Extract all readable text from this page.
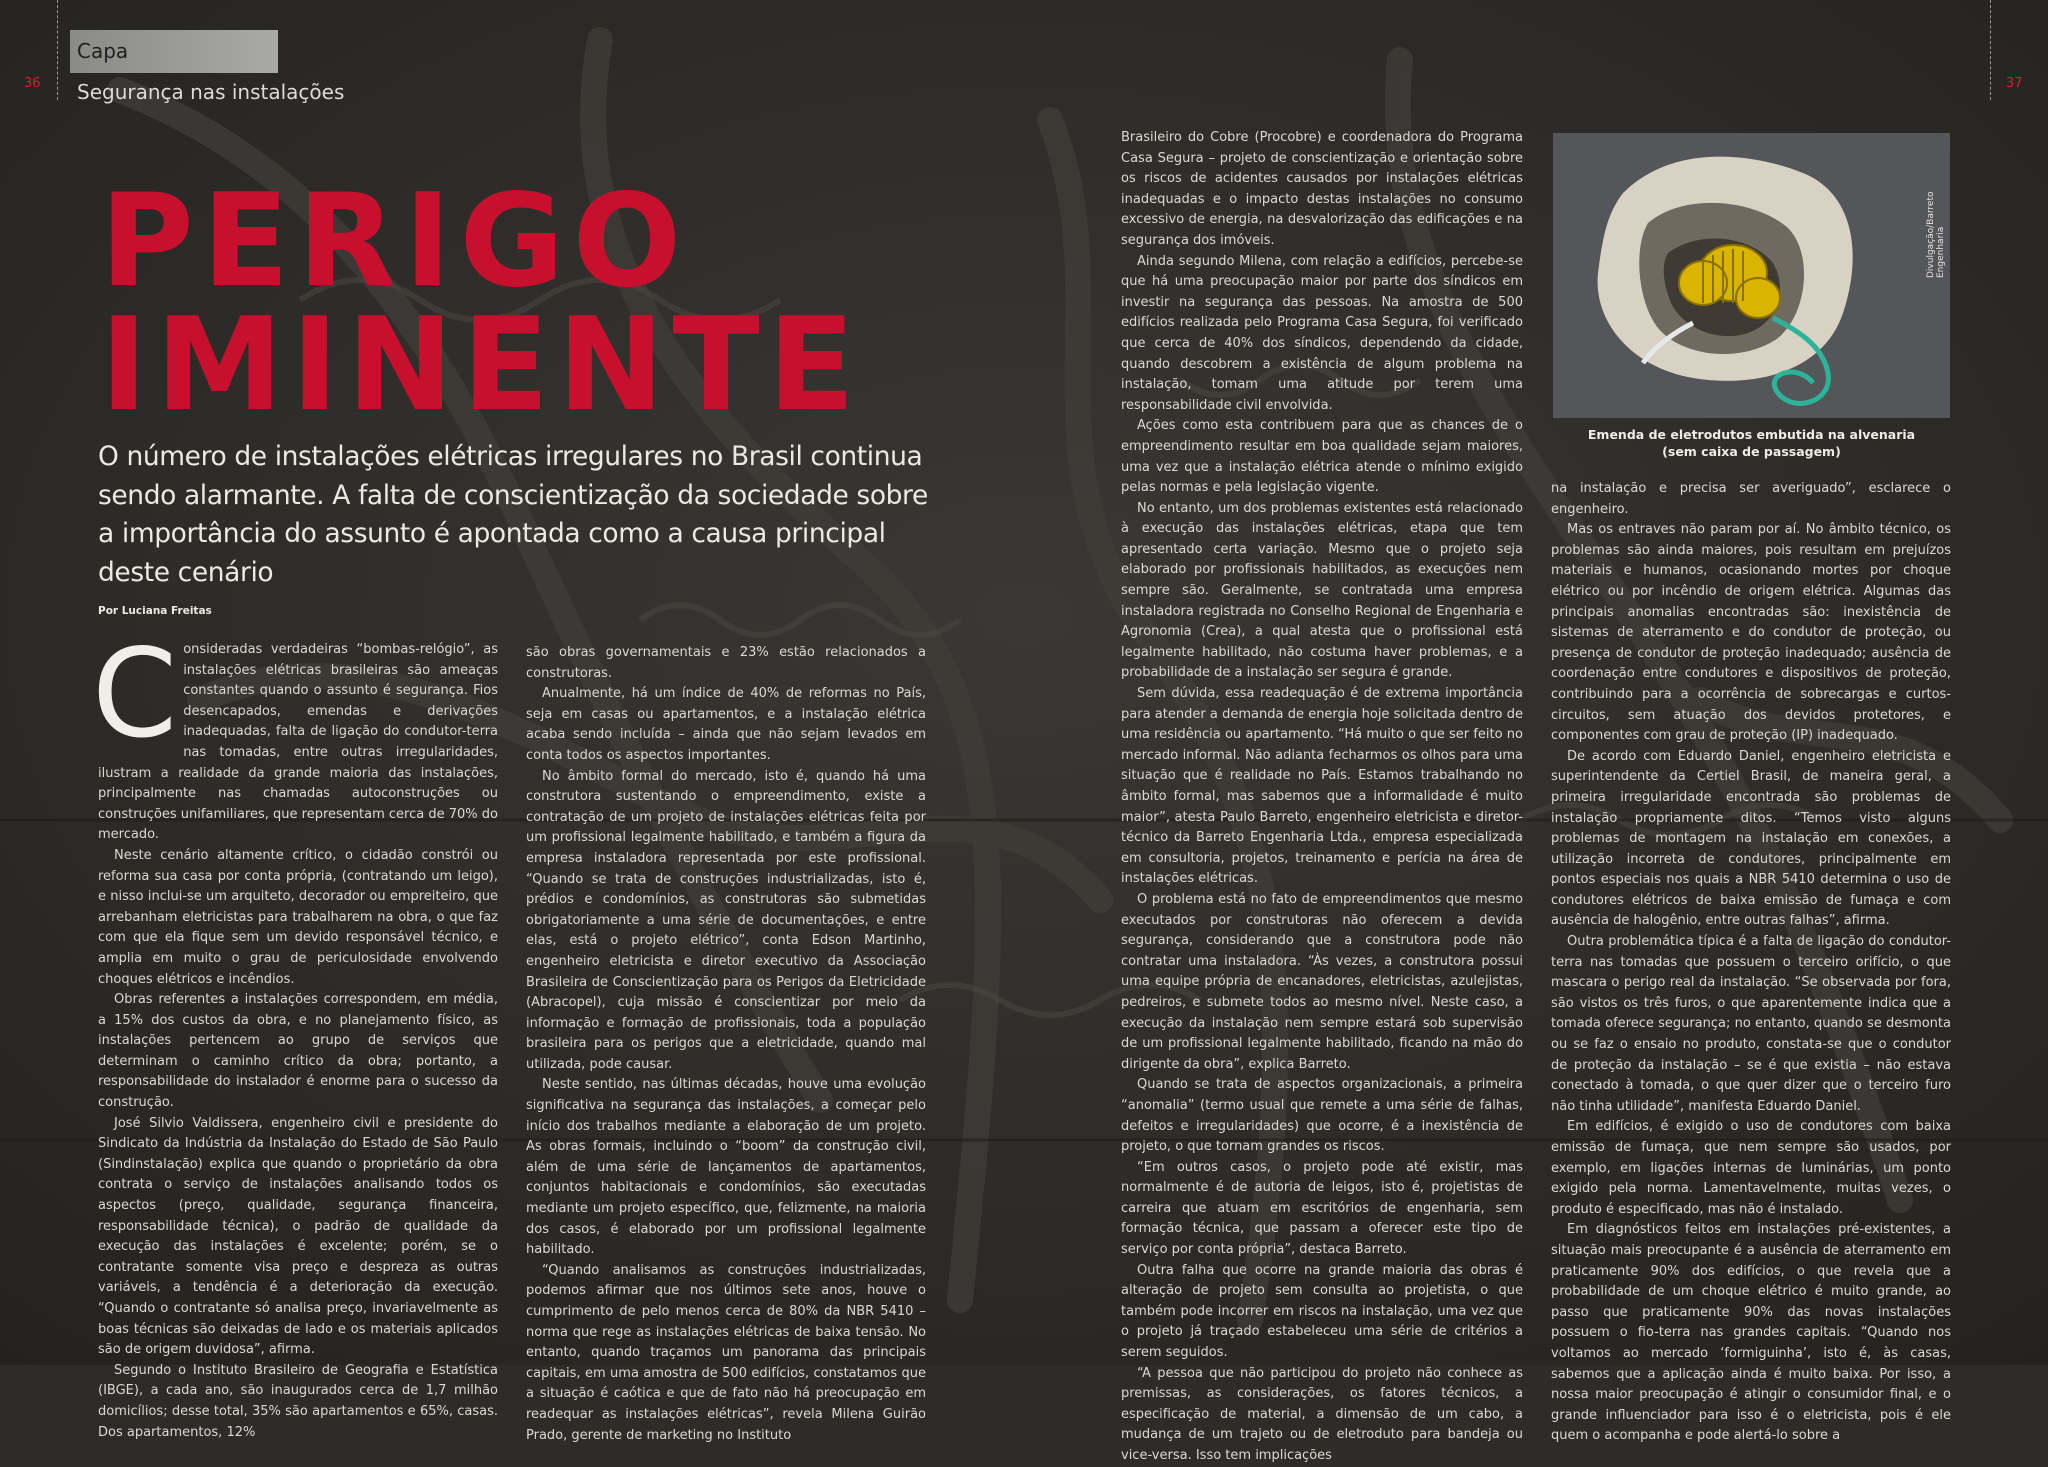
Capa
Segurança nas instalações
36	37
PERIGO
IMINENTE

O número de instalações elétricas irregulares no Brasil continua sendo alarmante. A falta de conscientização da sociedade sobre a importância do assunto é apontada como a causa principal deste cenário

Por Luciana Freitas
C onsideradas verdadeiras “bombas-relógio”, as instalações elétricas brasileiras são ameaças constantes quando o assunto é segurança. Fios desencapados, emendas e derivações inadequadas, falta de ligação do condutor-terra nas tomadas, entre outras irregularidades, ilustram a realidade da grande maioria das instalações, principalmente nas chamadas autoconstruções ou construções unifamiliares, que representam cerca de 70% do mercado.

Neste cenário altamente crítico, o cidadão constrói ou reforma sua casa por conta própria, (contratando um leigo), e nisso inclui-se um arquiteto, decorador ou empreiteiro, que arrebanham eletricistas para trabalharem na obra, o que faz com que ela fique sem um devido responsável técnico, e amplia em muito o grau de periculosidade envolvendo choques elétricos e incêndios.

Obras referentes a instalações correspondem, em média, a 15% dos custos da obra, e no planejamento físico, as instalações pertencem ao grupo de serviços que determinam o caminho crítico da obra; portanto, a responsabilidade do instalador é enorme para o sucesso da construção.

José Silvio Valdissera, engenheiro civil e presidente do Sindicato da Indústria da Instalação do Estado de São Paulo (Sindinstalação) explica que quando o proprietário da obra contrata o serviço de instalações analisando todos os aspectos (preço, qualidade, segurança financeira, responsabilidade técnica), o padrão de qualidade da execução das instalações é excelente; porém, se o contratante somente visa preço e despreza as outras variáveis, a tendência é a deterioração da execução. “Quando o contratante só analisa preço, invariavelmente as boas técnicas são deixadas de lado e os materiais aplicados são de origem duvidosa”, afirma.

Segundo o Instituto Brasileiro de Geografia e Estatística (IBGE), a cada ano, são inaugurados cerca de 1,7 milhão domicílios; desse total, 35% são apartamentos e 65%, casas. Dos apartamentos, 12%

são obras governamentais e 23% estão relacionados a construtoras.

Anualmente, há um índice de 40% de reformas no País, seja em casas ou apartamentos, e a instalação elétrica acaba sendo incluída – ainda que não sejam levados em conta todos os aspectos importantes.

No âmbito formal do mercado, isto é, quando há uma construtora sustentando o empreendimento, existe a contratação de um projeto de instalações elétricas feita por um profissional legalmente habilitado, e também a figura da empresa instaladora representada por este profissional. “Quando se trata de construções industrializadas, isto é, prédios e condomínios, as construtoras são submetidas obrigatoriamente a uma série de documentações, e entre elas, está o projeto elétrico”, conta Edson Martinho, engenheiro eletricista e diretor executivo da Associação Brasileira de Conscientização para os Perigos da Eletricidade (Abracopel), cuja missão é conscientizar por meio da informação e formação de profissionais, toda a população brasileira para os perigos que a eletricidade, quando mal utilizada, pode causar.

Neste sentido, nas últimas décadas, houve uma evolução significativa na segurança das instalações, a começar pelo início dos trabalhos mediante a elaboração de um projeto. As obras formais, incluindo o “boom” da construção civil, além de uma série de lançamentos de apartamentos, conjuntos habitacionais e condomínios, são executadas mediante um projeto específico, que, felizmente, na maioria dos casos, é elaborado por um profissional legalmente habilitado.

“Quando analisamos as construções industrializadas, podemos afirmar que nos últimos sete anos, houve o cumprimento de pelo menos cerca de 80% da NBR 5410 – norma que rege as instalações elétricas de baixa tensão. No entanto, quando traçamos um panorama das principais capitais, em uma amostra de 500 edifícios, constatamos que a situação é caótica e que de fato não há preocupação em readequar as instalações elétricas”, revela Milena Guirão Prado, gerente de marketing no Instituto

Brasileiro do Cobre (Procobre) e coordenadora do Programa Casa Segura – projeto de conscientização e orientação sobre os riscos de acidentes causados por instalações elétricas inadequadas e o impacto destas instalações no consumo excessivo de energia, na desvalorização das edificações e na segurança dos imóveis.

Ainda segundo Milena, com relação a edifícios, percebe-se que há uma preocupação maior por parte dos síndicos em investir na segurança das pessoas. Na amostra de 500 edifícios realizada pelo Programa Casa Segura, foi verificado que cerca de 40% dos síndicos, dependendo da cidade, quando descobrem a existência de algum problema na instalação, tomam uma atitude por terem uma responsabilidade civil envolvida.

Ações como esta contribuem para que as chances de o empreendimento resultar em boa qualidade sejam maiores, uma vez que a instalação elétrica atende o mínimo exigido pelas normas e pela legislação vigente.

No entanto, um dos problemas existentes está relacionado à execução das instalações elétricas, etapa que tem apresentado certa variação. Mesmo que o projeto seja elaborado por profissionais habilitados, as execuções nem sempre são. Geralmente, se contratada uma empresa instaladora registrada no Conselho Regional de Engenharia e Agronomia (Crea), a qual atesta que o profissional está legalmente habilitado, não costuma haver problemas, e a probabilidade de a instalação ser segura é grande.

Sem dúvida, essa readequação é de extrema importância para atender a demanda de energia hoje solicitada dentro de uma residência ou apartamento. “Há muito o que ser feito no mercado informal. Não adianta fecharmos os olhos para uma situação que é realidade no País. Estamos trabalhando no âmbito formal, mas sabemos que a informalidade é muito maior”, atesta Paulo Barreto, engenheiro eletricista e diretor-técnico da Barreto Engenharia Ltda., empresa especializada em consultoria, projetos, treinamento e perícia na área de instalações elétricas.

O problema está no fato de empreendimentos que mesmo executados por construtoras não oferecem a devida segurança, considerando que a construtora pode não contratar uma instaladora. “Às vezes, a construtora possui uma equipe própria de encanadores, eletricistas, azulejistas, pedreiros, e submete todos ao mesmo nível. Neste caso, a execução da instalação nem sempre estará sob supervisão de um profissional legalmente habilitado, ficando na mão do dirigente da obra”, explica Barreto.

Quando se trata de aspectos organizacionais, a primeira “anomalia” (termo usual que remete a uma série de falhas, defeitos e irregularidades) que ocorre, é a inexistência de projeto, o que tornam grandes os riscos.

“Em outros casos, o projeto pode até existir, mas normalmente é de autoria de leigos, isto é, projetistas de carreira que atuam em escritórios de engenharia, sem formação técnica, que passam a oferecer este tipo de serviço por conta própria”, destaca Barreto.

Outra falha que ocorre na grande maioria das obras é alteração de projeto sem consulta ao projetista, o que também pode incorrer em riscos na instalação, uma vez que o projeto já traçado estabeleceu uma série de critérios a serem seguidos.

“A pessoa que não participou do projeto não conhece as premissas, as considerações, os fatores técnicos, a especificação de material, a dimensão de um cabo, a mudança de um trajeto ou de eletroduto para bandeja ou vice-versa. Isso tem implicações

Divulgação/Barreto Engenharia
Emenda de eletrodutos embutida na alvenaria
(sem caixa de passagem)

na instalação e precisa ser averiguado”, esclarece o engenheiro.

Mas os entraves não param por aí. No âmbito técnico, os problemas são ainda maiores, pois resultam em prejuízos materiais e humanos, ocasionando mortes por choque elétrico ou por incêndio de origem elétrica. Algumas das principais anomalias encontradas são: inexistência de sistemas de aterramento e do condutor de proteção, ou presença de condutor de proteção inadequado; ausência de coordenação entre condutores e dispositivos de proteção, contribuindo para a ocorrência de sobrecargas e curtos-circuitos, sem atuação dos devidos protetores, e componentes com grau de proteção (IP) inadequado.

De acordo com Eduardo Daniel, engenheiro eletricista e superintendente da Certiel Brasil, de maneira geral, a primeira irregularidade encontrada são problemas de instalação propriamente ditos. “Temos visto alguns problemas de montagem na instalação em conexões, a utilização incorreta de condutores, principalmente em pontos especiais nos quais a NBR 5410 determina o uso de condutores elétricos de baixa emissão de fumaça e com ausência de halogênio, entre outras falhas”, afirma.

Outra problemática típica é a falta de ligação do condutor-terra nas tomadas que possuem o terceiro orifício, o que mascara o perigo real da instalação. “Se observada por fora, são vistos os três furos, o que aparentemente indica que a tomada oferece segurança; no entanto, quando se desmonta ou se faz o ensaio no produto, constata-se que o condutor de proteção da instalação – se é que existia – não estava conectado à tomada, o que quer dizer que o terceiro furo não tinha utilidade”, manifesta Eduardo Daniel.

Em edifícios, é exigido o uso de condutores com baixa emissão de fumaça, que nem sempre são usados, por exemplo, em ligações internas de luminárias, um ponto exigido pela norma. Lamentavelmente, muitas vezes, o produto é especificado, mas não é instalado.

Em diagnósticos feitos em instalações pré-existentes, a situação mais preocupante é a ausência de aterramento em praticamente 90% dos edifícios, o que revela que a probabilidade de um choque elétrico é muito grande, ao passo que praticamente 90% das novas instalações possuem o fio-terra nas grandes capitais. “Quando nos voltamos ao mercado ‘formiguinha’, isto é, às casas, sabemos que a aplicação ainda é muito baixa. Por isso, a nossa maior preocupação é atingir o consumidor final, e o grande influenciador para isso é o eletricista, pois é ele quem o acompanha e pode alertá-lo sobre a
